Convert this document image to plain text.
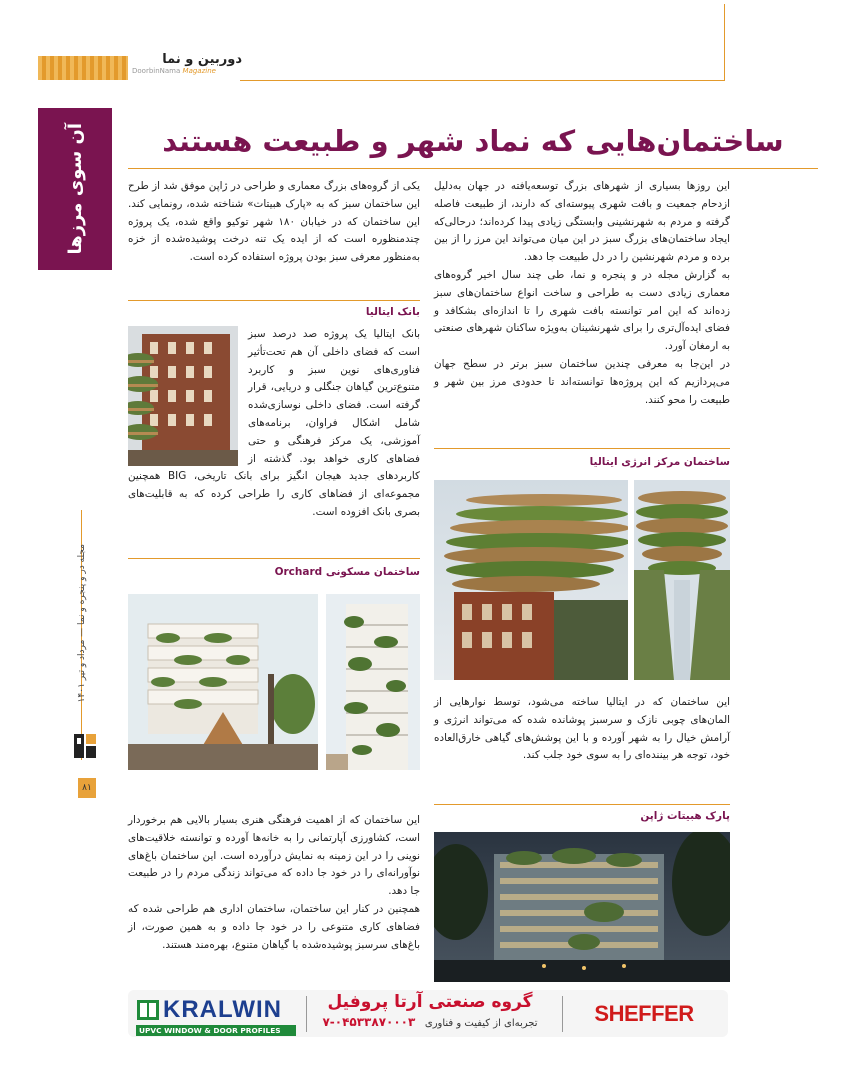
دوربین و نما
DoorbinNama Magazine
آن سوی مرزها
مجله در و پنجره و نما — مرداد و تیر ۱۴۰۱
۸۱
ساختمان‌هایی که نماد شهر و طبیعت هستند

این روزها بسیاری از شهرهای بزرگ توسعه‌یافته در جهان به‌دلیل ازدحام جمعیت و بافت شهری پیوسته‌ای که دارند، از طبیعت فاصله گرفته و مردم به شهرنشینی وابستگی زیادی پیدا کرده‌اند؛ درحالی‌که ایجاد ساختمان‌های بزرگ سبز در این میان می‌تواند این مرز را از بین برده و مردم شهرنشین را در دل طبیعت جا دهد.

به گزارش مجله در و پنجره و نما، طی چند سال اخیر گروه‌های معماری زیادی دست به طراحی و ساخت انواع ساختمان‌های سبز زده‌اند که این امر توانسته بافت شهری را تا اندازه‌ای بشکافد و فضای ایده‌آل‌تری را برای شهرنشینان به‌ویژه ساکنان شهرهای صنعتی به ارمغان آورد.

در این‌جا به معرفی چندین ساختمان سبز برتر در سطح جهان می‌پردازیم که این پروژه‌ها توانسته‌اند تا حدودی مرز بین شهر و طبیعت را محو کنند.

یکی از گروه‌های بزرگ معماری و طراحی در ژاپن موفق شد از طرح این ساختمان سبز که به «پارک هبیتات» شناخته شده، رونمایی کند. این ساختمان که در خیابان ۱۸۰ شهر توکیو واقع شده، یک پروژه چندمنظوره است که از ایده یک تنه درخت پوشیده‌شده از خزه به‌منظور معرفی سبز بودن پروژه استفاده کرده است.

بانک ایتالیا

بانک ایتالیا یک پروژه صد درصد سبز است که فضای داخلی آن هم تحت‌تأثیر فناوری‌های نوین سبز و کاربرد متنوع‌ترین گیاهان جنگلی و دریایی، قرار گرفته است. فضای داخلی نوسازی‌شده شامل اشکال فراوان، برنامه‌های آموزشی، یک مرکز فرهنگی و حتی فضاهای کاری خواهد بود. گذشته از کاربردهای جدید هیجان انگیز برای بانک تاریخی، BIG همچنین مجموعه‌ای از فضاهای کاری را طراحی کرده که به قابلیت‌های بصری بانک افزوده است.

ساختمان مسکونی Orchard

این ساختمان که از اهمیت فرهنگی هنری بسیار بالایی هم برخوردار است، کشاورزی آپارتمانی را به خانه‌ها آورده و توانسته خلاقیت‌های نوینی را در این زمینه به نمایش درآورده است. این ساختمان باغ‌های نوآورانه‌ای را در خود جا داده که می‌تواند زندگی مردم را در طبیعت جا دهد.

همچنین در کنار این ساختمان، ساختمان اداری هم طراحی شده که فضاهای کاری متنوعی را در خود جا داده و به همین صورت، از باغ‌های سرسبز پوشیده‌شده با گیاهان متنوع، بهره‌مند هستند.

ساختمان مرکز انرژی ایتالیا

این ساختمان که در ایتالیا ساخته می‌شود، توسط نوارهایی از المان‌های چوبی نازک و سرسبز پوشانده شده که می‌تواند انرژی و آرامش خیال را به شهر آورده و با این پوشش‌های گیاهی خارق‌العاده خود، توجه هر بیننده‌ای را به سوی خود جلب کند.

پارک هبیتات ژاپن
KRALWIN
UPVC WINDOW & DOOR PROFILES
گروه صنعتی آرتا پروفیل
تجربه‌ای از کیفیت و فناوری   ۰۴۵۳۳۸۷۰۰۰۳-۷	SHEFFER
